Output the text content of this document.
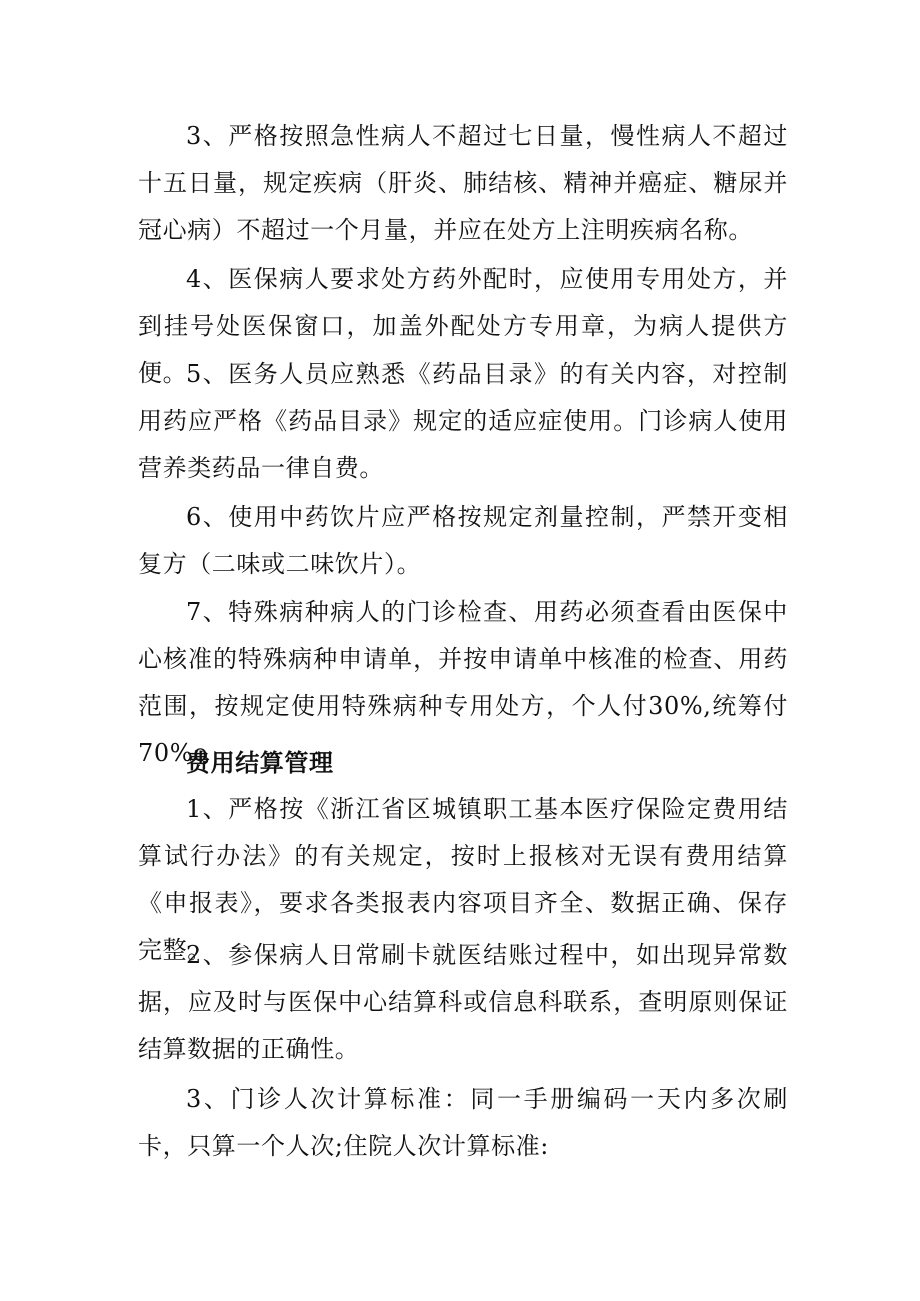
3、严格按照急性病人不超过七日量，慢性病人不超过十五日量，规定疾病（肝炎、肺结核、精神并癌症、糖尿并冠心病）不超过一个月量，并应在处方上注明疾病名称。

4、医保病人要求处方药外配时，应使用专用处方，并到挂号处医保窗口，加盖外配处方专用章，为病人提供方便。

5、医务人员应熟悉《药品目录》的有关内容，对控制用药应严格《药品目录》规定的适应症使用。门诊病人使用营养类药品一律自费。

6、使用中药饮片应严格按规定剂量控制，严禁开变相复方（二味或二味饮片）。

7、特殊病种病人的门诊检查、用药必须查看由医保中心核准的特殊病种申请单，并按申请单中核准的检查、用药范围，按规定使用特殊病种专用处方，个人付30%,统筹付70%o

费用结算管理

1、严格按《浙江省区城镇职工基本医疗保险定费用结算试行办法》的有关规定，按时上报核对无误有费用结算《申报表》，要求各类报表内容项目齐全、数据正确、保存完整。

2、参保病人日常刷卡就医结账过程中，如出现异常数据，应及时与医保中心结算科或信息科联系，查明原则保证结算数据的正确性。

3、门诊人次计算标准：同一手册编码一天内多次刷卡，只算一个人次;住院人次计算标准:
